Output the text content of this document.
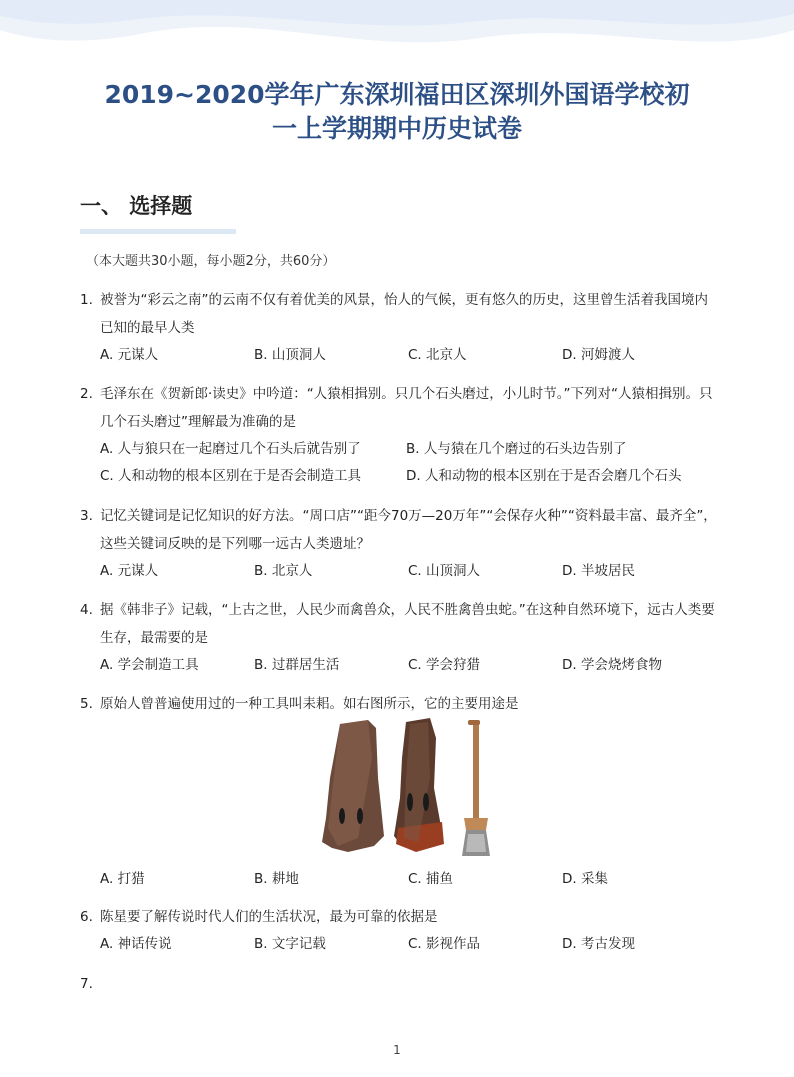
2019~2020学年广东深圳福田区深圳外国语学校初
一上学期期中历史试卷
一、 选择题
（本大题共30小题，每小题2分，共60分）
1. 被誉为“彩云之南”的云南不仅有着优美的风景，怡人的气候，更有悠久的历史，这里曾生活着我国境内已知的最早人类
A. 元谋人	B. 山顶洞人	C. 北京人	D. 河姆渡人
2. 毛泽东在《贺新郎·读史》中吟道：“人猿相揖别。只几个石头磨过，小儿时节。”下列对“人猿相揖别。只几个石头磨过”理解最为准确的是
A. 人与狼只在一起磨过几个石头后就告别了	B. 人与猿在几个磨过的石头边告别了
C. 人和动物的根本区别在于是否会制造工具	D. 人和动物的根本区别在于是否会磨几个石头
3. 记忆关键词是记忆知识的好方法。“周口店”“距今70万—20万年”“会保存火种”“资料最丰富、最齐全”，这些关键词反映的是下列哪一远古人类遗址？
A. 元谋人	B. 北京人	C. 山顶洞人	D. 半坡居民
4. 据《韩非子》记载，“上古之世，人民少而禽兽众，人民不胜禽兽虫蛇。”在这种自然环境下，远古人类要生存，最需要的是
A. 学会制造工具	B. 过群居生活	C. 学会狩猎	D. 学会烧烤食物
5. 原始人曾普遍使用过的一种工具叫耒耜。如右图所示，它的主要用途是
A. 打猎	B. 耕地	C. 捕鱼	D. 采集
6. 陈星要了解传说时代人们的生活状况，最为可靠的依据是
A. 神话传说	B. 文字记载	C. 影视作品	D. 考古发现
7.
1
